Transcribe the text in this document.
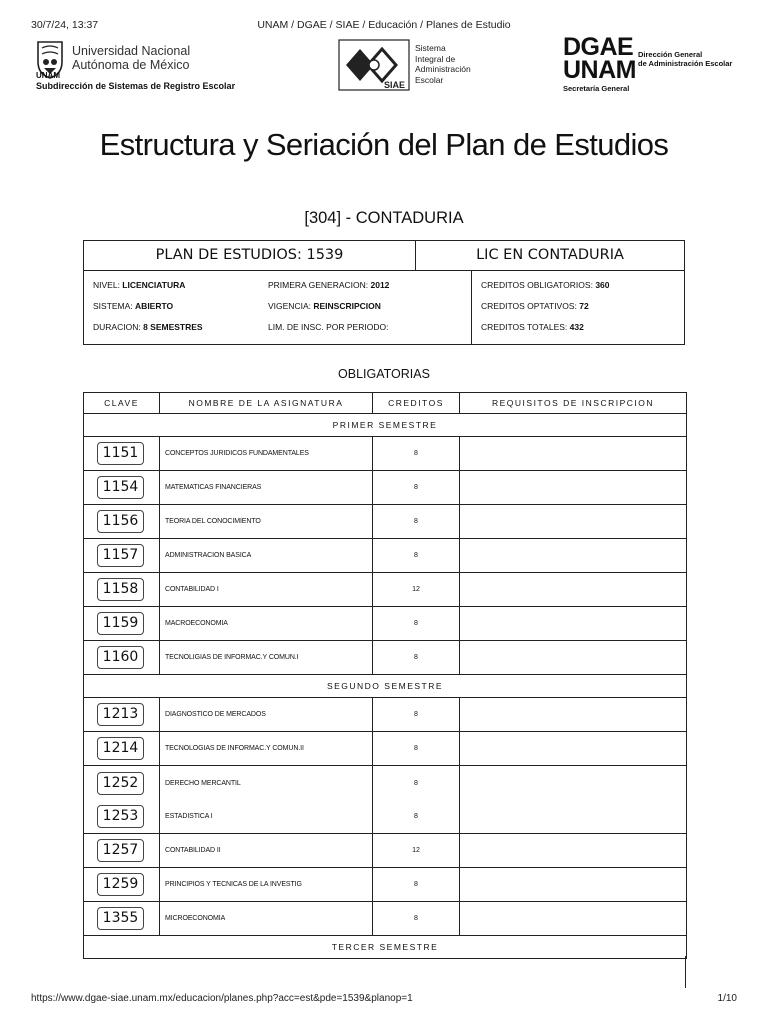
30/7/24, 13:37	UNAM / DGAE / SIAE / Educación / Planes de Estudio
Universidad Nacional
Autónoma de México
UNAM
Subdirección de Sistemas de Registro Escolar	SIAE
Sistema
Integral de
Administración
Escolar
DGAE
UNAM
Dirección General
de Administración Escolar
Secretaría General
Estructura y Seriación del Plan de Estudios
[304] - CONTADURIA
PLAN DE ESTUDIOS: 1539	LIC EN CONTADURIA
NIVEL: LICENCIATURA
SISTEMA: ABIERTO
DURACION: 8 SEMESTRES
PRIMERA GENERACION: 2012
VIGENCIA: REINSCRIPCION
LIM. DE INSC. POR PERIODO:
CREDITOS OBLIGATORIOS: 360
CREDITOS OPTATIVOS: 72
CREDITOS TOTALES: 432
OBLIGATORIAS
CLAVE	NOMBRE DE LA ASIGNATURA	CREDITOS	REQUISITOS DE INSCRIPCION
PRIMER SEMESTRE			
1151	CONCEPTOS JURIDICOS FUNDAMENTALES	8	
1154	MATEMATICAS FINANCIERAS	8	
1156	TEORIA DEL CONOCIMIENTO	8	
1157	ADMINISTRACION BASICA	8	
1158	CONTABILIDAD I	12	
1159	MACROECONOMIA	8	
1160	TECNOLIGIAS DE INFORMAC.Y COMUN.I	8	
SEGUNDO SEMESTRE			
1213	DIAGNOSTICO DE MERCADOS	8	
1214	TECNOLOGIAS DE INFORMAC.Y COMUN.II	8	
1252	DERECHO MERCANTIL	8	
1253	ESTADISTICA I	8	
1257	CONTABILIDAD II	12	
1259	PRINCIPIOS Y TECNICAS DE LA INVESTIG	8	
1355	MICROECONOMIA	8	
TERCER SEMESTRE			
https://www.dgae-siae.unam.mx/educacion/planes.php?acc=est&pde=1539&planop=1	1/10
